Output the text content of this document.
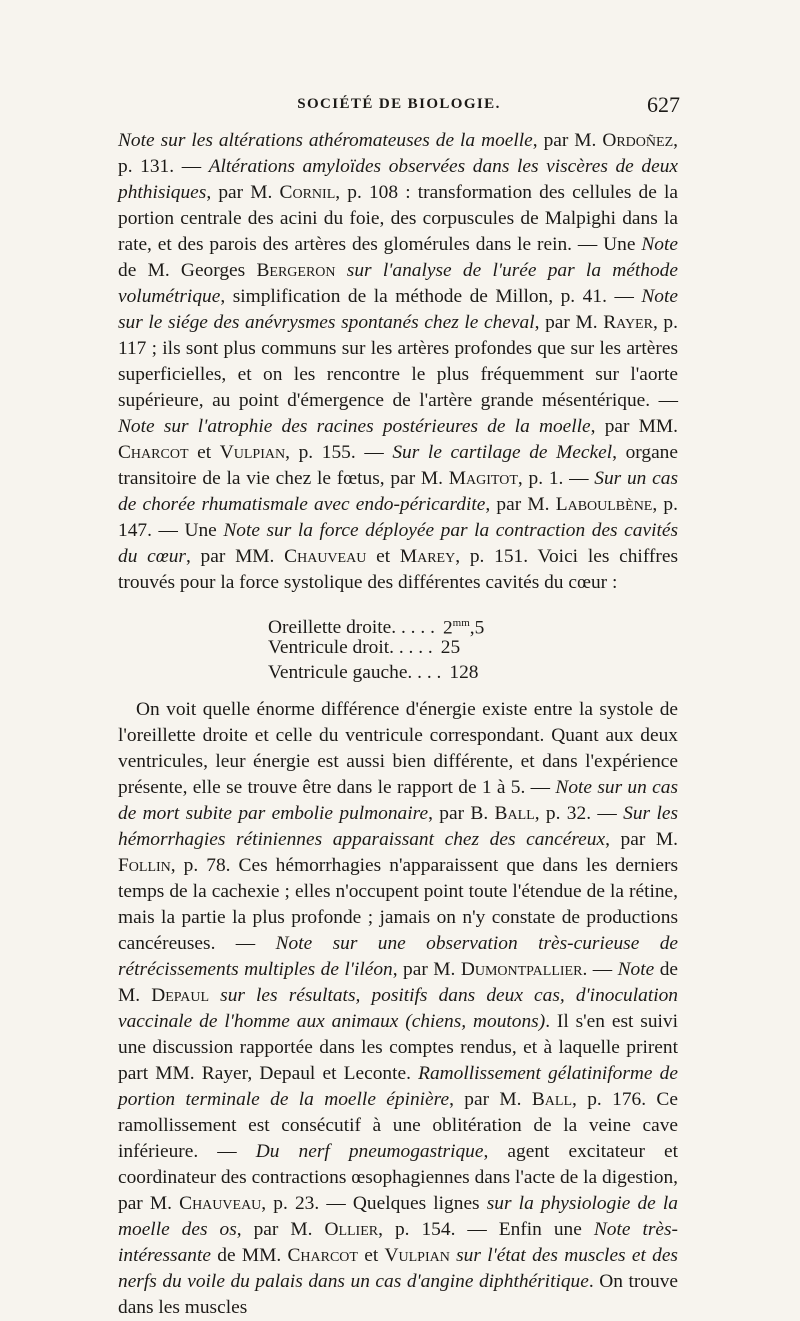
SOCIÉTÉ DE BIOLOGIE.	627

Note sur les altérations athéromateuses de la moelle, par M. Ordoñez, p. 131. — Altérations amyloïdes observées dans les viscères de deux phthisiques, par M. Cornil, p. 108 : transformation des cellules de la portion centrale des acini du foie, des corpuscules de Malpighi dans la rate, et des parois des artères des glomérules dans le rein. — Une Note de M. Georges Bergeron sur l'analyse de l'urée par la méthode volumétrique, simplification de la méthode de Millon, p. 41. — Note sur le siége des anévrysmes spontanés chez le cheval, par M. Rayer, p. 117 ; ils sont plus communs sur les artères profondes que sur les artères superficielles, et on les rencontre le plus fréquemment sur l'aorte supérieure, au point d'émergence de l'artère grande mésentérique. — Note sur l'atrophie des racines postérieures de la moelle, par MM. Charcot et Vulpian, p. 155. — Sur le cartilage de Meckel, organe transitoire de la vie chez le fœtus, par M. Magitot, p. 1. — Sur un cas de chorée rhumatismale avec endo-péricardite, par M. Laboulbène, p. 147. — Une Note sur la force déployée par la contraction des cavités du cœur, par MM. Chauveau et Marey, p. 151. Voici les chiffres trouvés pour la force systolique des différentes cavités du cœur :

Oreillette droite. . . . . $2^{mm},5$
Ventricule droit. . . . . 25
Ventricule gauche. . . . 128

On voit quelle énorme différence d'énergie existe entre la systole de l'oreillette droite et celle du ventricule correspondant. Quant aux deux ventricules, leur énergie est aussi bien différente, et dans l'expérience présente, elle se trouve être dans le rapport de 1 à 5. — Note sur un cas de mort subite par embolie pulmonaire, par B. Ball, p. 32. — Sur les hémorrhagies rétiniennes apparaissant chez des cancéreux, par M. Follin, p. 78. Ces hémorrhagies n'apparaissent que dans les derniers temps de la cachexie ; elles n'occupent point toute l'étendue de la rétine, mais la partie la plus profonde ; jamais on n'y constate de productions cancéreuses. — Note sur une observation très-curieuse de rétrécissements multiples de l'iléon, par M. Dumontpallier. — Note de M. Depaul sur les résultats, positifs dans deux cas, d'inoculation vaccinale de l'homme aux animaux (chiens, moutons). Il s'en est suivi une discussion rapportée dans les comptes rendus, et à laquelle prirent part MM. Rayer, Depaul et Leconte. Ramollissement gélatiniforme de portion terminale de la moelle épinière, par M. Ball, p. 176. Ce ramollissement est consécutif à une oblitération de la veine cave inférieure. — Du nerf pneumogastrique, agent excitateur et coordinateur des contractions œsophagiennes dans l'acte de la digestion, par M. Chauveau, p. 23. — Quelques lignes sur la physiologie de la moelle des os, par M. Ollier, p. 154. — Enfin une Note très-intéressante de MM. Charcot et Vulpian sur l'état des muscles et des nerfs du voile du palais dans un cas d'angine diphthéritique. On trouve dans les muscles
